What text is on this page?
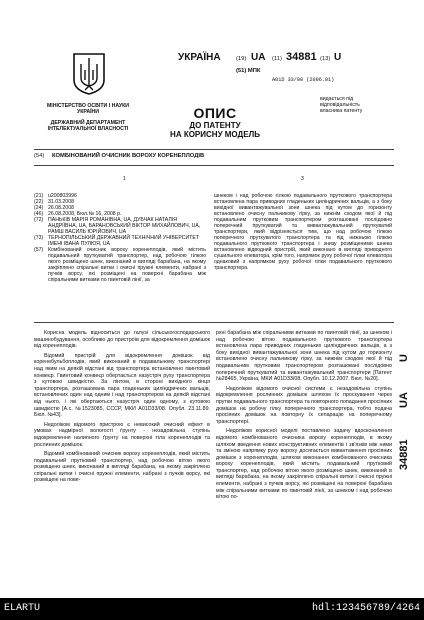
МІНІСТЕРСТВО ОСВІТИ І НАУКИ УКРАЇНИ
ДЕРЖАВНИЙ ДЕПАРТАМЕНТ ІНТЕЛЕКТУАЛЬНОЇ ВЛАСНОСТІ
УКРАЇНА	(19) UA (11) 34881 (13) U
(51) МПК
A01D 33/08 (2006.01)
ОПИС
ДО ПАТЕНТУ
НА КОРИСНУ МОДЕЛЬ
видається під відповідальність власника патенту
(54) КОМБІНОВАНИЙ ОЧИСНИК ВОРОХУ КОРЕНЕПЛОДІВ
1	3
(21) u200803996
(22) 31.03.2008
(24) 26.08.2008
(46) 26.08.2008, Бюл.№ 16, 2008 р.
(72) ПАНЬКІВ МАРІЯ РОМАНІВНА, UA, ДУБЧАК НАТАЛІЯ АНДРІЇВНА, UA, БАРАНОВСЬКИЙ ВІКТОР МИХАЙЛОВИЧ, UA, РАМШ ВАСИЛЬ ЮРІЙОВИЧ, UA
(73) ТЕРНОПІЛЬСЬКИЙ ДЕРЖАВНИЙ ТЕХНІЧНИЙ УНІВЕРСИТЕТ ІМЕНІ ІВАНА ПУЛЮЯ, UA
(57) Комбінований очисник вороху коренеплодів, який містить подавальний пруткуватий транспортер, над робочою гілкою якого розміщено шнек, виконаний в вигляді барабана, на якому закріплено спіральні витки і очисні пружні елементи, набрані з пучків ворсу, які розміщені на поверхні барабана між спіральними витками по гвинтовій лінії, за
шнеком і над робочою гілкою подавального пруткового транспортера встановлена пара приводних гладеньких циліндричних вальців, а з боку вихідної вивантажувальної зони шнека під кутом до горизонту встановлено очисну пальчикову гірку, за нижнім сходом якої й під подавальним прутковим транспортером розташовані послідовно поперечний пруткуватий та вивантажувальний пруткуватий транспортери, який відрізняється тим, що над робочою гілкою поперечного пруткуватого транспортера та під нижньою гілкою подавального пруткового транспортера і знизу розміщеними шнека встановлено відводний пристрій, який виконано в вигляді приводного сушильного елеватора, крім того, напрямок руху робочої гілки елеватора однаковий з напрямком руху робочої гілки подавального пруткового транспортера.

Корисна модель відноситься до галузі сільськогосподарського машинобудування, особливо до пристроїв для відокремлення домішок від коренеплодів.

Відомий пристрій для відокремлення домішок від коренебульбоплодів, який виконаний в подавальному транспортері над яким на деякій відстані від транспортера встановлено гвинтовий конвеєр. Гвинтовий конвеєр обертається назустріч руху транспортера з кутовою швидкістю. За пінтом, в стороні вихідного кінця транспортера, розташована пара гладеньких циліндричних вальців, встановлених один над одним і над транспортером на деякій відстані від нього, і які обертаються назустріч один одному, з кутовою швидкістю [А.с. №1523085, СССР, МКИ А01D33/08. Опубл. 23.11.89. Бюл. №43].

Недоліком відомого пристрою є невисокий очисний ефект в умовах надмірної вологості ґрунту - незадовільна ступінь відокремлення налипного ґрунту на поверхні тіла коренеплодів та рослинних домішок.

Відомий комбінований очисник вороху коренеплодів, який містить подавальний прутковий транспортер, над робочою вітою якого розміщено шнек, виконаний в вигляді барабана, на якому закріплено спіральні витки і очисні пружні елементи, набрані з пучків ворсу, які розміщені на пове-

рхні барабана між спіральними витками по гвинтовій лінії, за шнеком і над робочою вітою подавального пруткового транспортера встановлена пара приводних гладеньких циліндричних вальців, а з боку вихідної вивантажувальної зони шнека під кутом до горизонту встановлено очисну пальчикову гірку, за нижнім сходом якої й під подавальним прутковим транспортером розташовані послідовно поперечний пруткуватий та вивантажувальний транспортери [Патент №28465, Україна, МКИ А01D33/08. Опубл. 10.12.2007. Бюл. №20].

Недоліком відомого очисної системи є незадовільна ступінь відокремлення рослинних домішок шляхом їх проскування через прутки подавального транспортера та повторного попадання просіяних домішок на робочу гілку поперечного транспортера, тобто подача просіяних домішок на повторну їх сепарацію на поперечному транспортері.

Недоліком корисної моделі поставлено задачу вдосконалення відомого комбінованого очисника вороху коренеплодів, в якому шляхом введення нових конструктивних елементів і зв'язків між ними та зміною напрямку руху вороху досягається вивантаження просіяних домішок з коренеплодів, шляхом виконання комбінованого очисника вороху коренеплодів, який містить подавальний прутковий транспортер, над робочою вітою якого розміщено шнек, виконаний в вигляді барабана, на якому закріплено спіральні витки і очисні пружні елементи, набрані з пучків ворсу, які розміщені на поверхні барабана між спіральними витками по гвинтовій лінії, за шнеком і над робочою вітою по-

UA
34881
U
ELARTU	hdl:123456789/4264
